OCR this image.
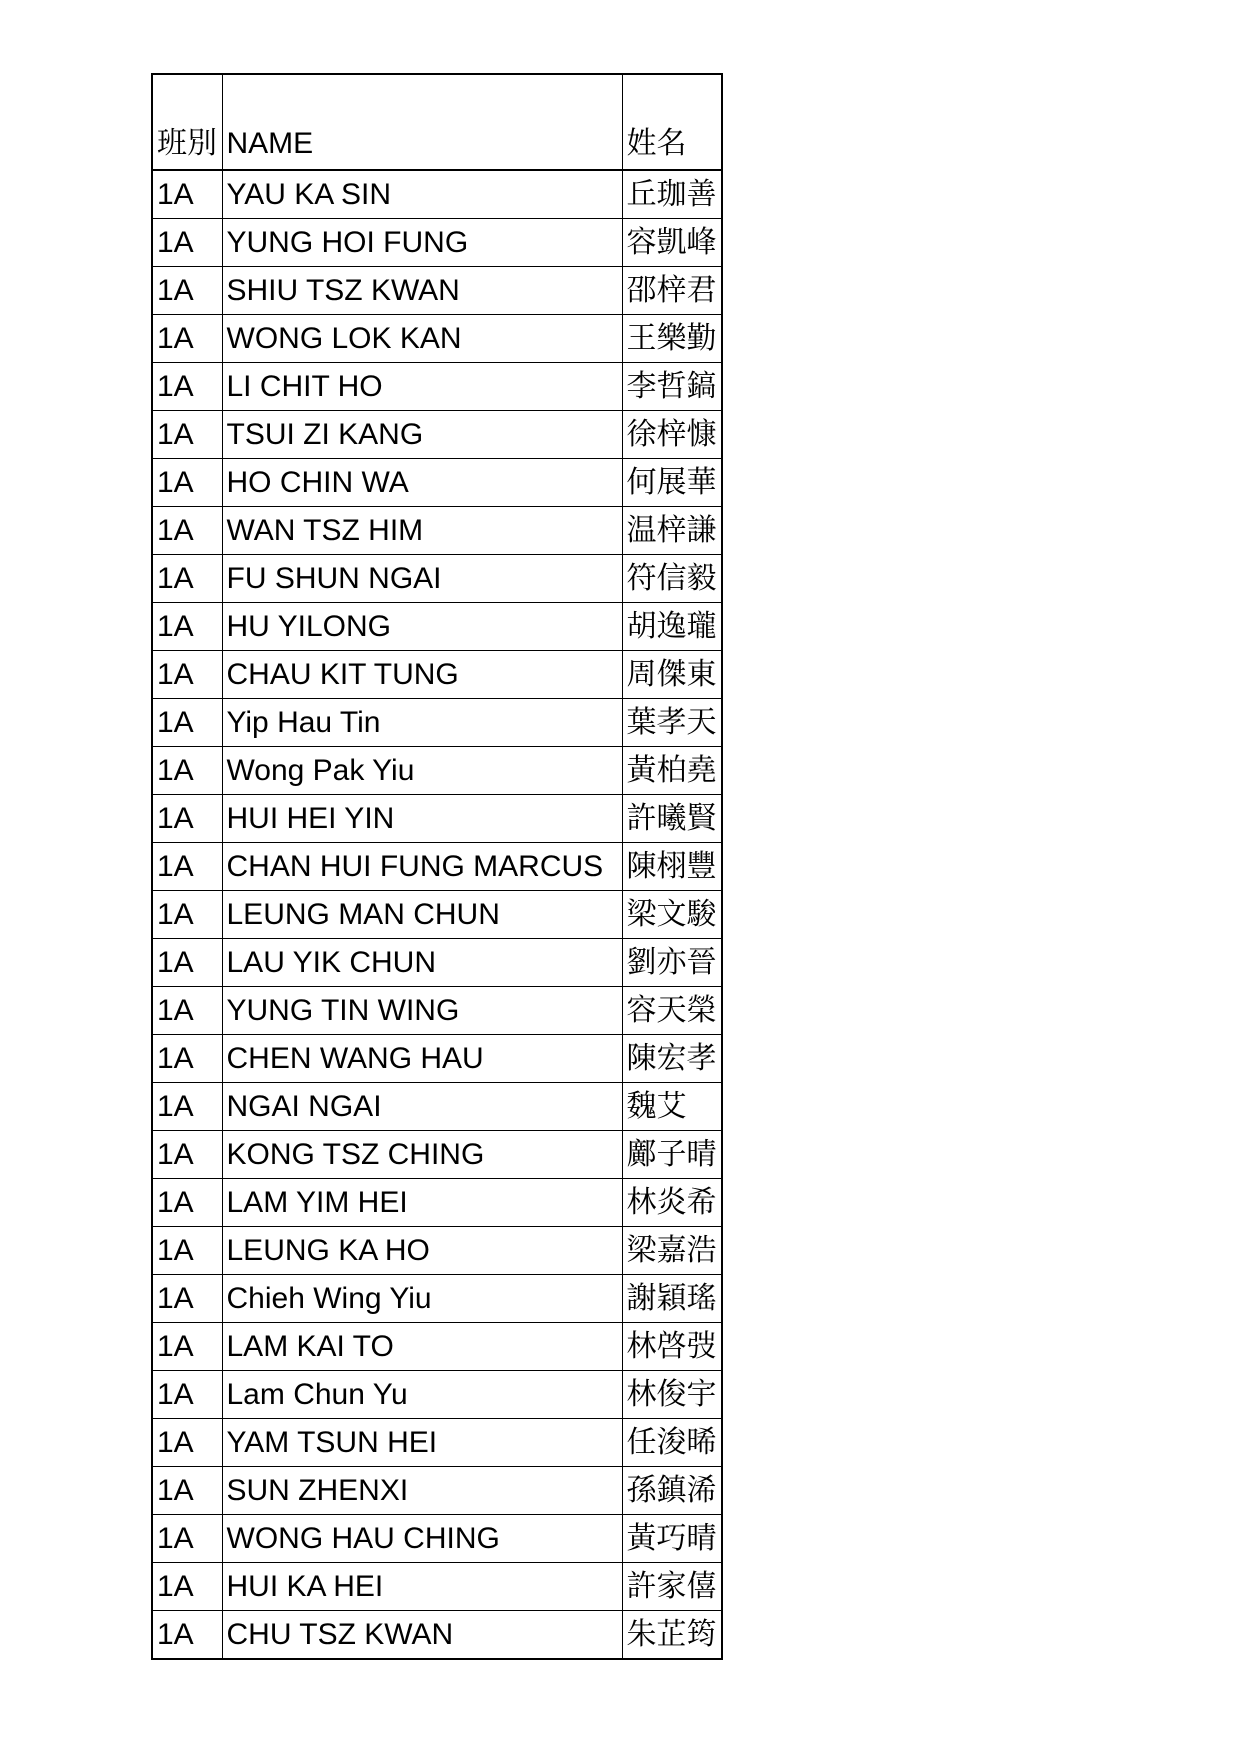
班別	NAME	姓名
1A	YAU KA SIN	丘珈善
1A	YUNG HOI FUNG	容凱峰
1A	SHIU TSZ KWAN	邵梓君
1A	WONG LOK KAN	王樂勤
1A	LI CHIT HO	李哲鎬
1A	TSUI ZI KANG	徐梓慷
1A	HO CHIN WA	何展華
1A	WAN TSZ HIM	温梓謙
1A	FU SHUN NGAI	符信毅
1A	HU YILONG	胡逸瓏
1A	CHAU KIT TUNG	周傑東
1A	Yip Hau Tin	葉孝天
1A	Wong Pak Yiu	黃柏堯
1A	HUI HEI YIN	許曦賢
1A	CHAN HUI FUNG MARCUS	陳栩豐
1A	LEUNG MAN CHUN	梁文駿
1A	LAU YIK CHUN	劉亦晉
1A	YUNG TIN WING	容天榮
1A	CHEN WANG HAU	陳宏孝
1A	NGAI NGAI	魏艾
1A	KONG TSZ CHING	鄺子晴
1A	LAM YIM HEI	林炎希
1A	LEUNG KA HO	梁嘉浩
1A	Chieh Wing Yiu	謝穎瑤
1A	LAM KAI TO	林啓弢
1A	Lam Chun Yu	林俊宇
1A	YAM TSUN HEI	任浚晞
1A	SUN ZHENXI	孫鎮浠
1A	WONG HAU CHING	黃巧晴
1A	HUI KA HEI	許家僖
1A	CHU TSZ KWAN	朱芷筠
